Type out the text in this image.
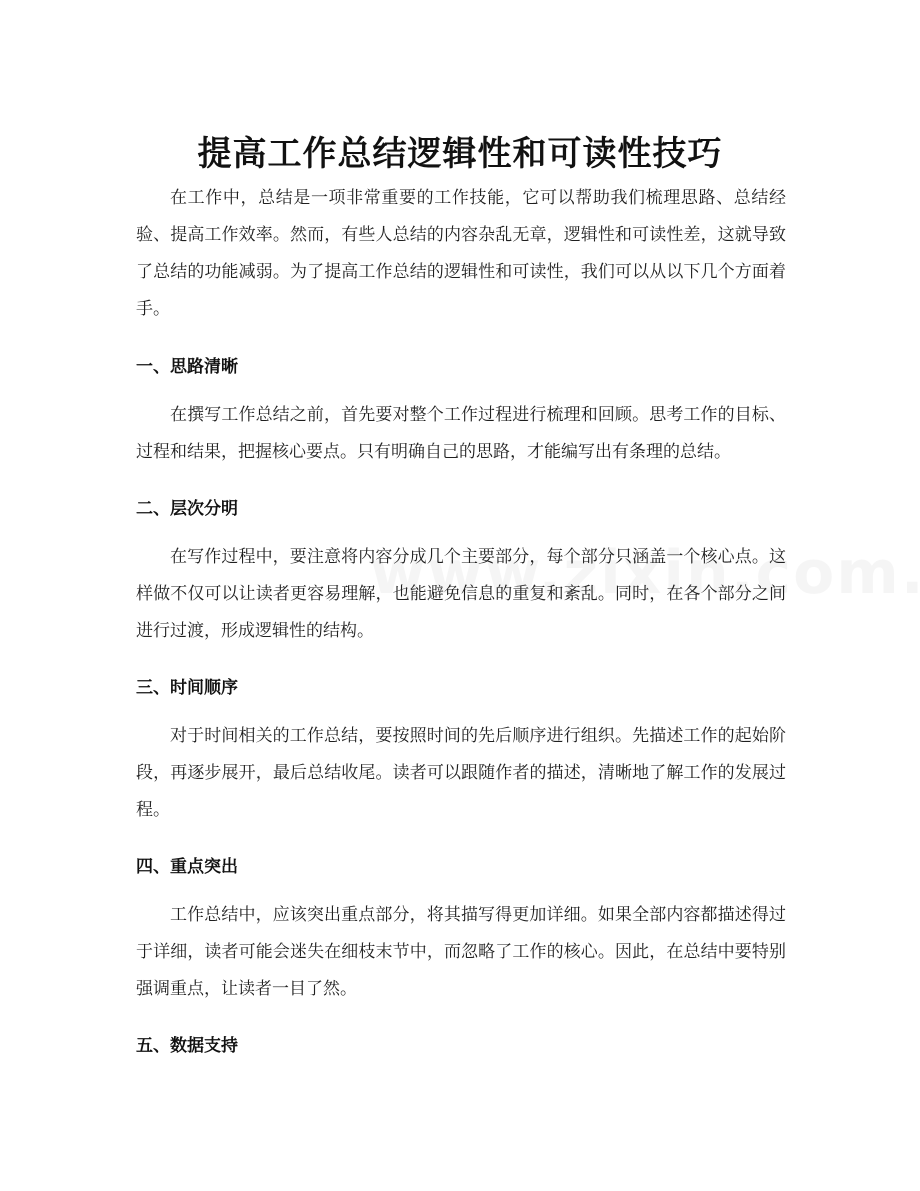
提高工作总结逻辑性和可读性技巧

在工作中，总结是一项非常重要的工作技能，它可以帮助我们梳理思路、总结经验、提高工作效率。然而，有些人总结的内容杂乱无章，逻辑性和可读性差，这就导致了总结的功能减弱。为了提高工作总结的逻辑性和可读性，我们可以从以下几个方面着手。

一、思路清晰

在撰写工作总结之前，首先要对整个工作过程进行梳理和回顾。思考工作的目标、过程和结果，把握核心要点。只有明确自己的思路，才能编写出有条理的总结。

二、层次分明

在写作过程中，要注意将内容分成几个主要部分，每个部分只涵盖一个核心点。这样做不仅可以让读者更容易理解，也能避免信息的重复和紊乱。同时，在各个部分之间进行过渡，形成逻辑性的结构。

三、时间顺序

对于时间相关的工作总结，要按照时间的先后顺序进行组织。先描述工作的起始阶段，再逐步展开，最后总结收尾。读者可以跟随作者的描述，清晰地了解工作的发展过程。

四、重点突出

工作总结中，应该突出重点部分，将其描写得更加详细。如果全部内容都描述得过于详细，读者可能会迷失在细枝末节中，而忽略了工作的核心。因此，在总结中要特别强调重点，让读者一目了然。

五、数据支持
